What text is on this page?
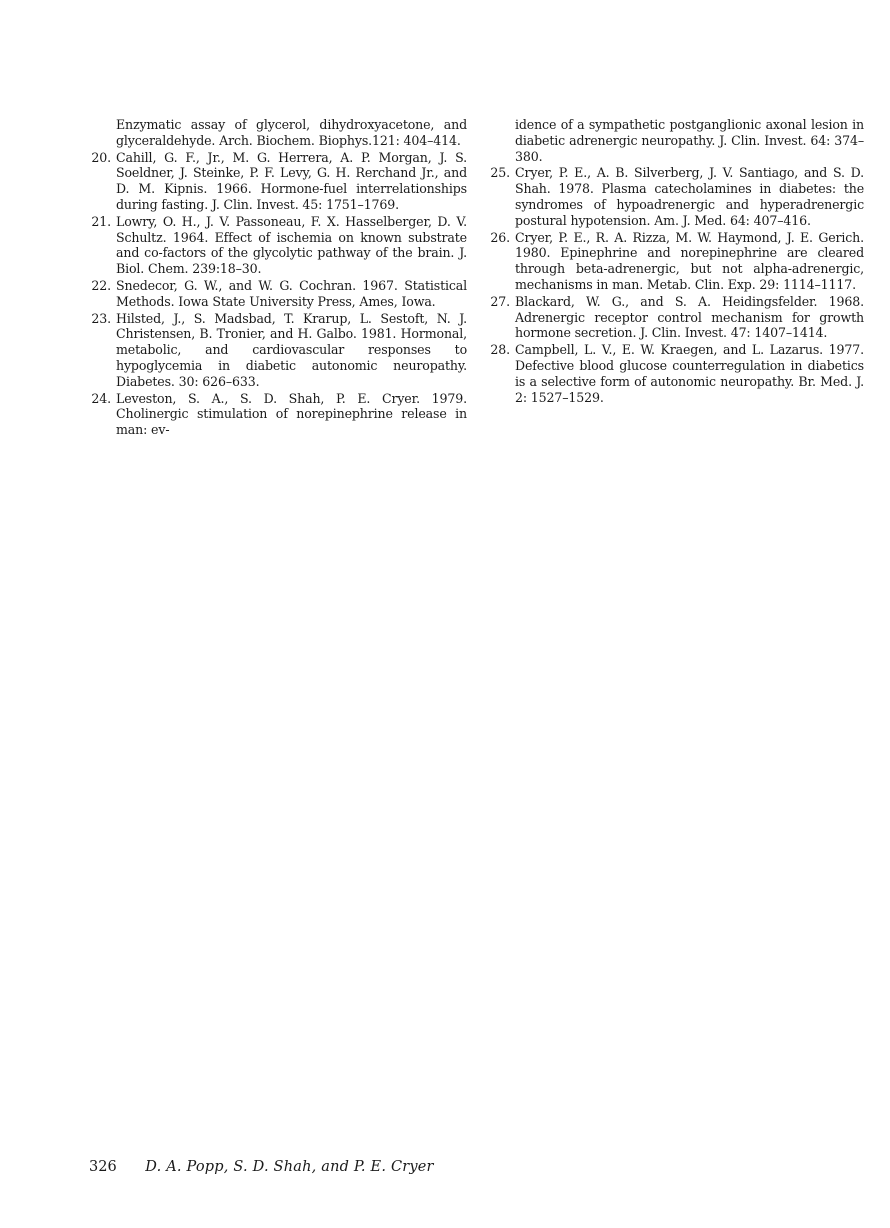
Enzymatic assay of glycerol, dihydroxyacetone, and glyceraldehyde. Arch. Biochem. Biophys.121: 404–414.
20. Cahill, G. F., Jr., M. G. Herrera, A. P. Morgan, J. S. Soeldner, J. Steinke, P. F. Levy, G. H. Rerchand Jr., and D. M. Kipnis. 1966. Hormone-fuel interrelationships during fasting. J. Clin. Invest. 45: 1751–1769.
21. Lowry, O. H., J. V. Passoneau, F. X. Hasselberger, D. V. Schultz. 1964. Effect of ischemia on known substrate and co-factors of the glycolytic pathway of the brain. J. Biol. Chem. 239:18–30.
22. Snedecor, G. W., and W. G. Cochran. 1967. Statistical Methods. Iowa State University Press, Ames, Iowa.
23. Hilsted, J., S. Madsbad, T. Krarup, L. Sestoft, N. J. Christensen, B. Tronier, and H. Galbo. 1981. Hormonal, metabolic, and cardiovascular responses to hypoglycemia in diabetic autonomic neuropathy. Diabetes. 30: 626–633.
24. Leveston, S. A., S. D. Shah, P. E. Cryer. 1979. Cholinergic stimulation of norepinephrine release in man: ev-
idence of a sympathetic postganglionic axonal lesion in diabetic adrenergic neuropathy. J. Clin. Invest. 64: 374–380.
25. Cryer, P. E., A. B. Silverberg, J. V. Santiago, and S. D. Shah. 1978. Plasma catecholamines in diabetes: the syndromes of hypoadrenergic and hyperadrenergic postural hypotension. Am. J. Med. 64: 407–416.
26. Cryer, P. E., R. A. Rizza, M. W. Haymond, J. E. Gerich. 1980. Epinephrine and norepinephrine are cleared through beta-adrenergic, but not alpha-adrenergic, mechanisms in man. Metab. Clin. Exp. 29: 1114–1117.
27. Blackard, W. G., and S. A. Heidingsfelder. 1968. Adrenergic receptor control mechanism for growth hormone secretion. J. Clin. Invest. 47: 1407–1414.
28. Campbell, L. V., E. W. Kraegen, and L. Lazarus. 1977. Defective blood glucose counterregulation in diabetics is a selective form of autonomic neuropathy. Br. Med. J. 2: 1527–1529.
326 D. A. Popp, S. D. Shah, and P. E. Cryer
